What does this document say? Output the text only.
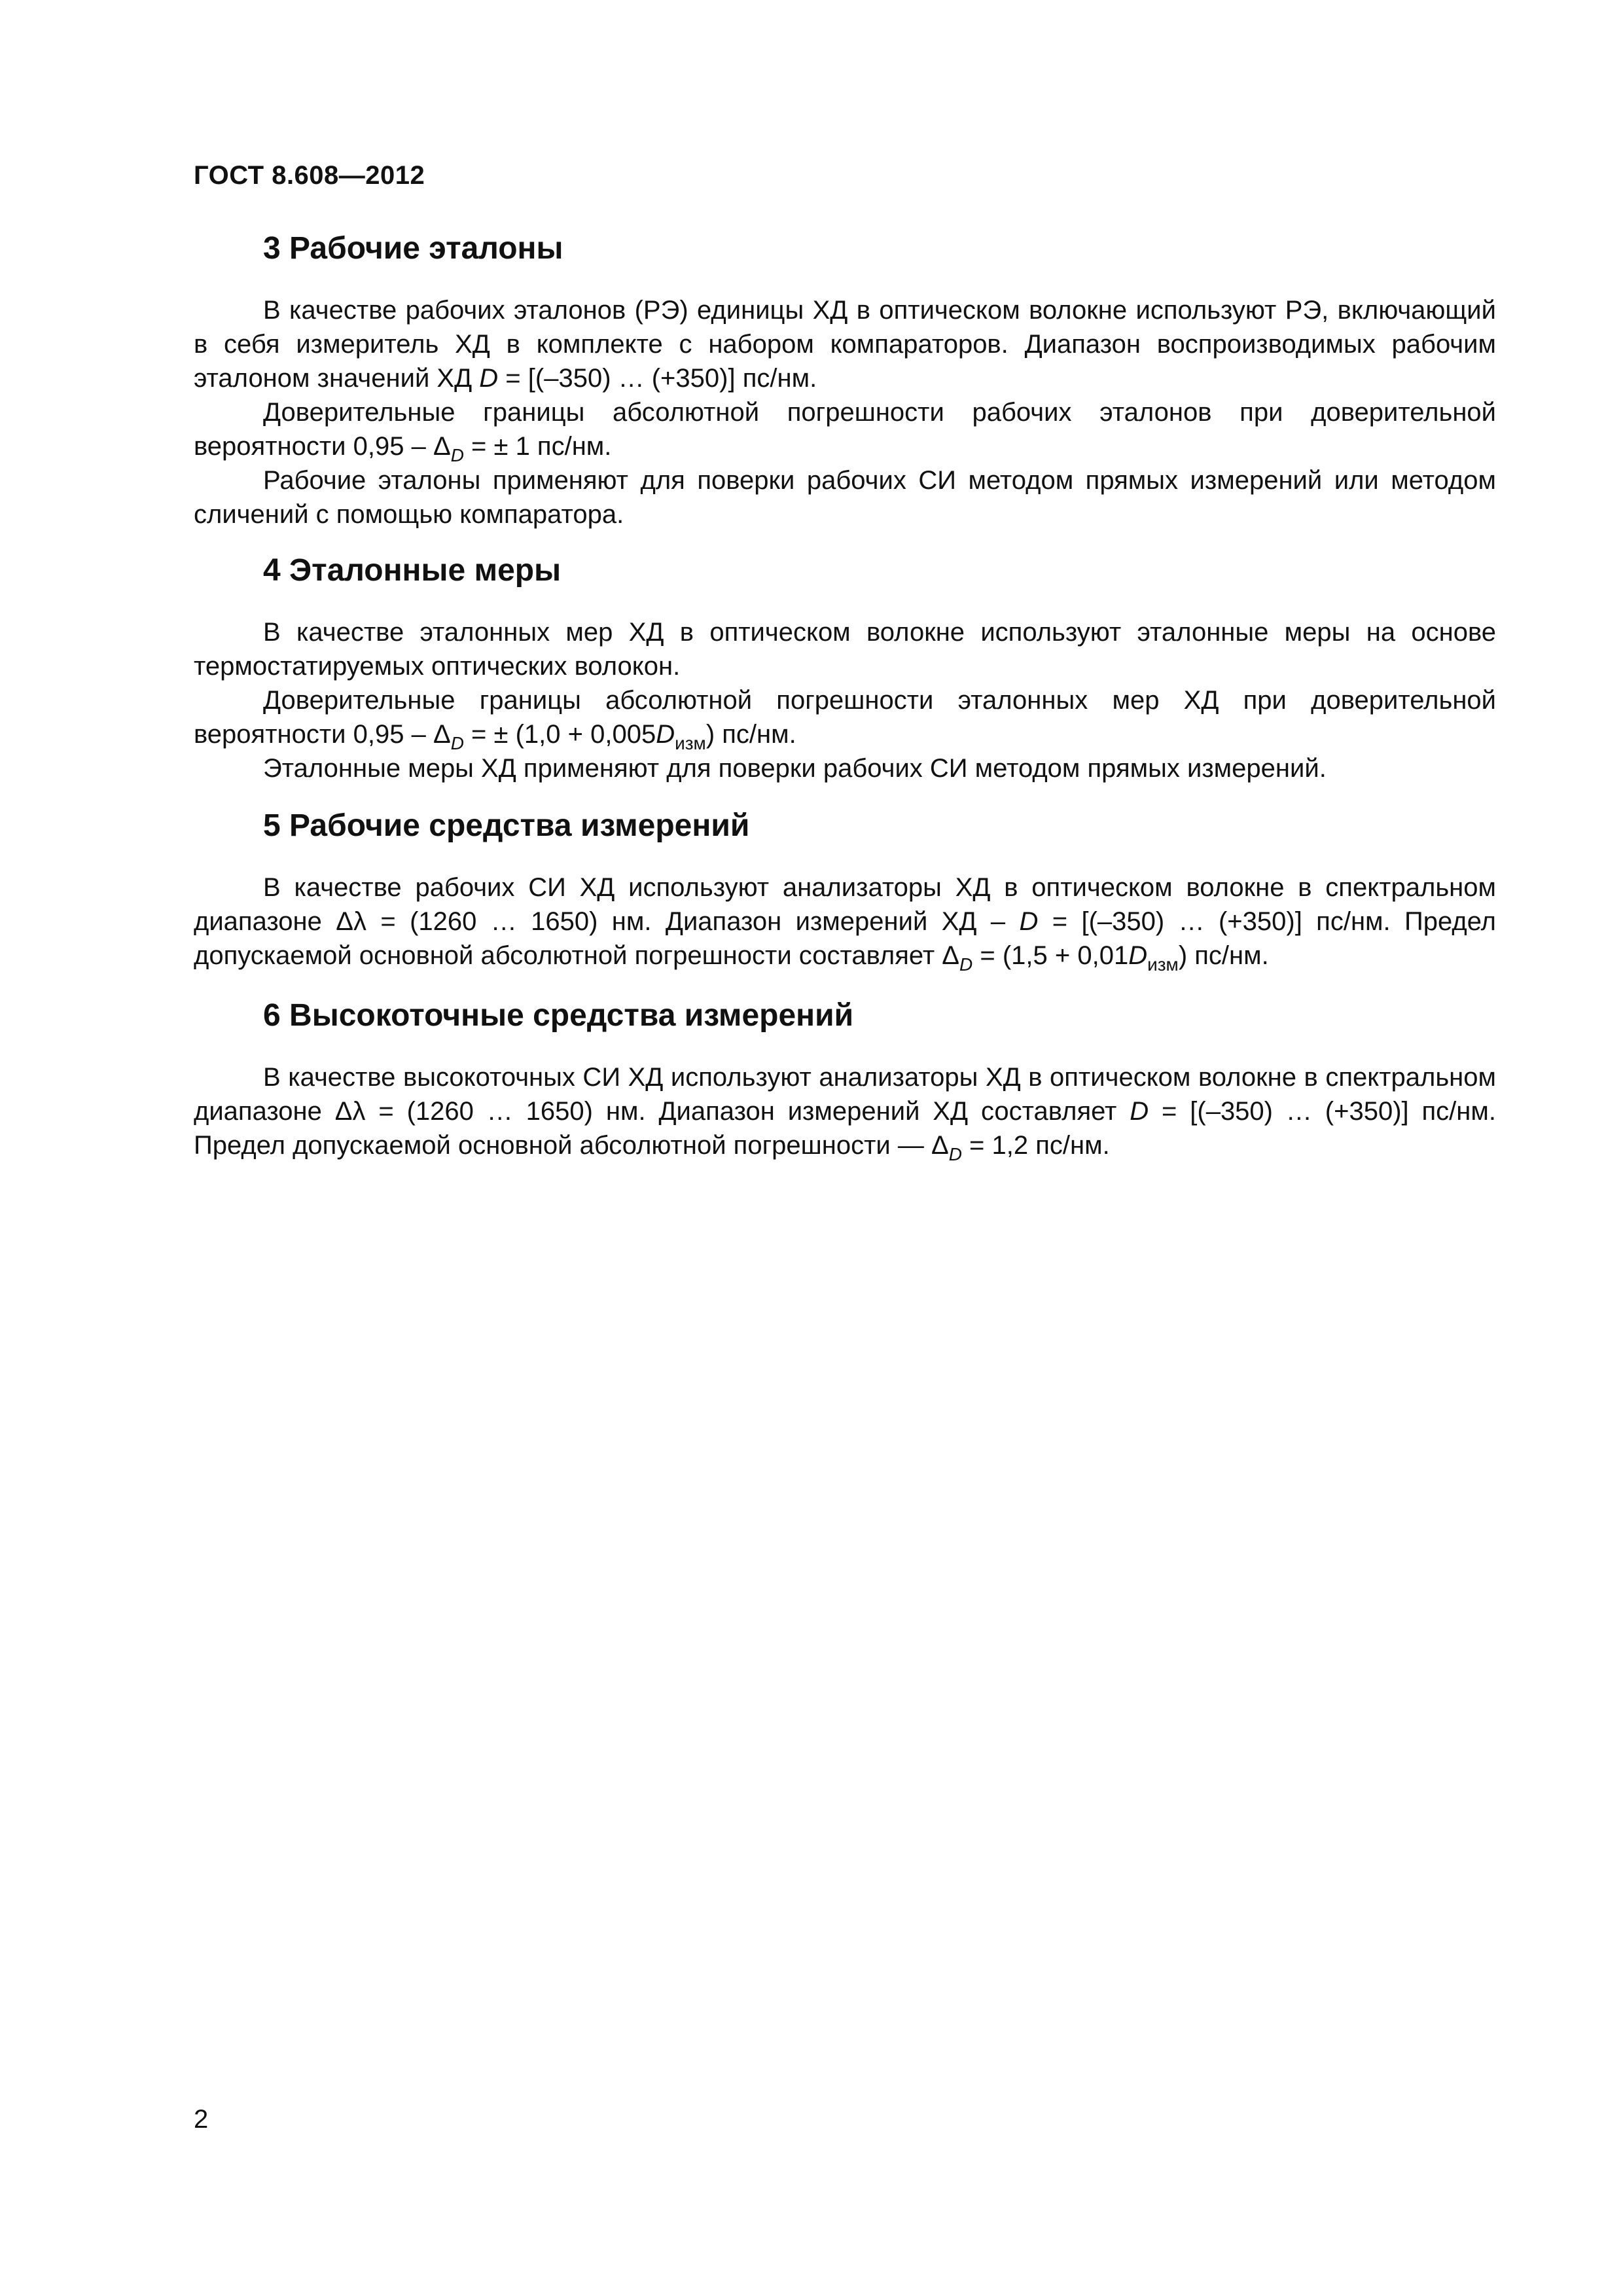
ГОСТ 8.608—2012
3 Рабочие эталоны

В качестве рабочих эталонов (РЭ) единицы ХД в оптическом волокне используют РЭ, включающий в себя измеритель ХД в комплекте с набором компараторов. Диапазон воспроизводимых рабочим эталоном значений ХД D = [(–350) … (+350)] пс/нм.

Доверительные границы абсолютной погрешности рабочих эталонов при доверительной вероятности $0,95 - \Delta_D$ = ± 1 пс/нм.

Рабочие эталоны применяют для поверки рабочих СИ методом прямых измерений или методом сличений с помощью компаратора.

4 Эталонные меры

В качестве эталонных мер ХД в оптическом волокне используют эталонные меры на основе термостатируемых оптических волокон.

Доверительные границы абсолютной погрешности эталонных мер ХД при доверительной вероятности $0,95 - \Delta_D$ = ± $(1,0 + 0,005D_{изм})$ пс/нм.

Эталонные меры ХД применяют для поверки рабочих СИ методом прямых измерений.

5 Рабочие средства измерений

В качестве рабочих СИ ХД используют анализаторы ХД в оптическом волокне в спектральном диапазоне Δλ = (1260 … 1650) нм. Диапазон измерений ХД – D = [(–350) … (+350)] пс/нм. Предел допускаемой основной абсолютной погрешности составляет $\Delta_D = (1,5 + 0,01D_{изм})$ пс/нм.

6 Высокоточные средства измерений

В качестве высокоточных СИ ХД используют анализаторы ХД в оптическом волокне в спектральном диапазоне Δλ = (1260 … 1650) нм. Диапазон измерений ХД составляет D = [(–350) … (+350)] пс/нм. Предел допускаемой основной абсолютной погрешности — $\Delta_D = 1,2$ пс/нм.

2
